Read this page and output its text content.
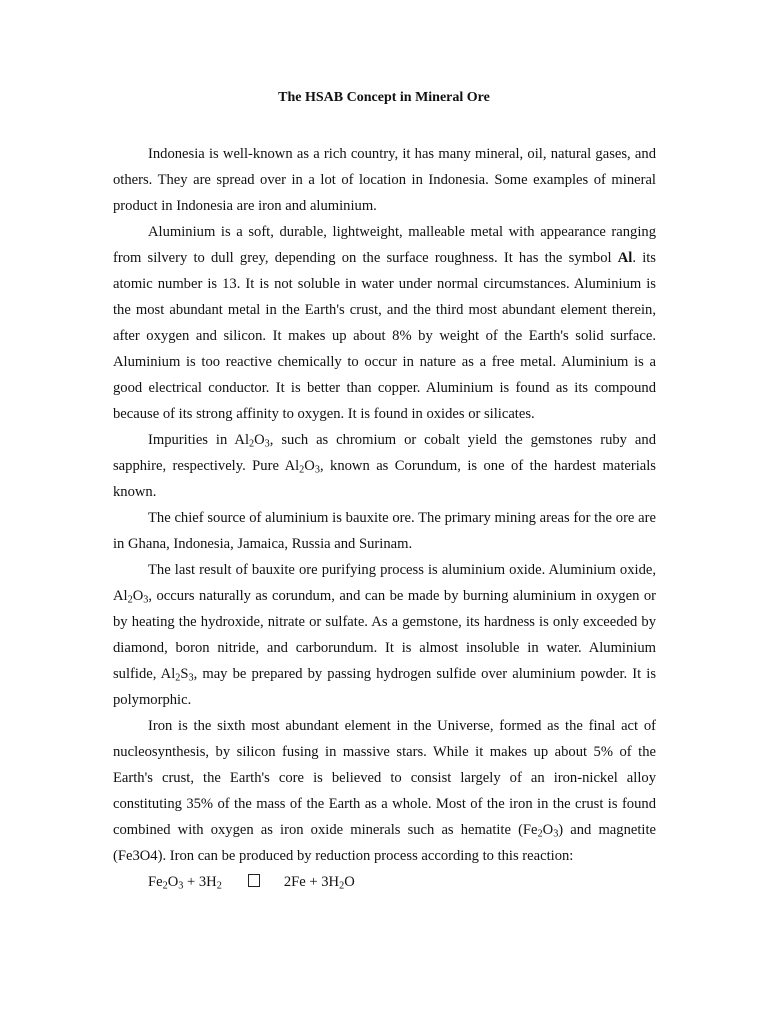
The HSAB Concept in Mineral Ore

Indonesia is well-known as a rich country, it has many mineral, oil, natural gases, and others. They are spread over in a lot of location in Indonesia. Some examples of mineral product in Indonesia are iron and aluminium.

Aluminium is a soft, durable, lightweight, malleable metal with appearance ranging from silvery to dull grey, depending on the surface roughness. It has the symbol Al. its atomic number is 13. It is not soluble in water under normal circumstances. Aluminium is the most abundant metal in the Earth's crust, and the third most abundant element therein, after oxygen and silicon. It makes up about 8% by weight of the Earth's solid surface. Aluminium is too reactive chemically to occur in nature as a free metal. Aluminium is a good electrical conductor. It is better than copper. Aluminium is found as its compound because of its strong affinity to oxygen. It is found in oxides or silicates.

Impurities in $Al_2O_3$, such as chromium or cobalt yield the gemstones ruby and sapphire, respectively. Pure $Al_2O_3$, known as Corundum, is one of the hardest materials known.

The chief source of aluminium is bauxite ore. The primary mining areas for the ore are in Ghana, Indonesia, Jamaica, Russia and Surinam.

The last result of bauxite ore purifying process is aluminium oxide. Aluminium oxide, $Al_2O_3$, occurs naturally as corundum, and can be made by burning aluminium in oxygen or by heating the hydroxide, nitrate or sulfate. As a gemstone, its hardness is only exceeded by diamond, boron nitride, and carborundum. It is almost insoluble in water. Aluminium sulfide, $Al_2S_3$, may be prepared by passing hydrogen sulfide over aluminium powder. It is polymorphic.

Iron is the sixth most abundant element in the Universe, formed as the final act of nucleosynthesis, by silicon fusing in massive stars. While it makes up about 5% of the Earth's crust, the Earth's core is believed to consist largely of an iron-nickel alloy constituting 35% of the mass of the Earth as a whole. Most of the iron in the crust is found combined with oxygen as iron oxide minerals such as hematite $(Fe_2O_3)$ and magnetite (Fe3O4). Iron can be produced by reduction process according to this reaction:

$Fe_2O_3 + 3H_2$	$2Fe + 3H_2O$
